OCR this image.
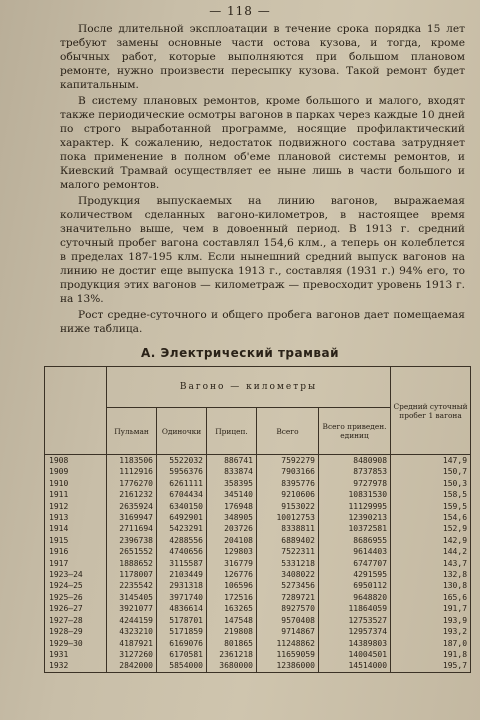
— 118 —

После длительной эксплоатации в течение срока порядка 15 лет требуют замены основные части остова кузова, и тогда, кроме обычных работ, которые выполняются при большом плановом ремонте, нужно произвести пересыпку кузова. Такой ремонт будет капитальным.

В систему плановых ремонтов, кроме большого и малого, входят также периодические осмотры вагонов в парках через каждые 10 дней по строго выработанной программе, носящие профилактический характер. К сожалению, недостаток подвижного состава затрудняет пока применение в полном об'еме плановой системы ремонтов, и Киевский Трамвай осуществляет ее ныне лишь в части большого и малого ремонтов.

Продукция выпускаемых на линию вагонов, выражаемая количеством сделанных вагоно-километров, в настоящее время значительно выше, чем в довоенный период. В 1913 г. средний суточный пробег вагона составлял 154,6 клм., а теперь он колеблется в пределах 187-195 клм. Если нынешний средний выпуск вагонов на линию не достиг еще выпуска 1913 г., составляя (1931 г.) 94% его, то продукция этих вагонов — километраж — превосходит уровень 1913 г. на 13%.

Рост средне-суточного и общего пробега вагонов дает помещаемая ниже таблица.

А. Электрический трамвай
	Вагоно — километры					Средний суточный пробег 1 вагона
	Пульман	Одиночки	Прицеп.	Всего	Всего приведен. единиц	
1908	1183506	5522032	886741	7592279	8480908	147,9
1909	1112916	5956376	833874	7903166	8737853	150,7
1910	1776270	6261111	358395	8395776	9727978	150,3
1911	2161232	6704434	345140	9210606	10831530	158,5
1912	2635924	6340150	176948	9153022	11129995	159,5
1913	3169947	6492901	348905	10012753	12390213	154,6
1914	2711694	5423291	203726	8338811	10372581	152,9
1915	2396738	4288556	204108	6889402	8686955	142,9
1916	2651552	4740656	129803	7522311	9614403	144,2
1917	1888652	3115587	316779	5331218	6747707	143,7
1923—24	1178007	2103449	126776	3408022	4291595	132,8
1924—25	2235542	2931318	106596	5273456	6950112	130,8
1925—26	3145405	3971740	172516	7289721	9648820	165,6
1926—27	3921077	4836614	163265	8927570	11864059	191,7
1927—28	4244159	5178701	147548	9570408	12753527	193,9
1928—29	4323210	5171859	219808	9714867	12957374	193,2
1929—30	4187921	6169076	801865	11248862	14389803	187,0
1931	3127260	6170581	2361218	11659059	14004501	191,8
1932	2842000	5854000	3680000	12386000	14514000	195,7
